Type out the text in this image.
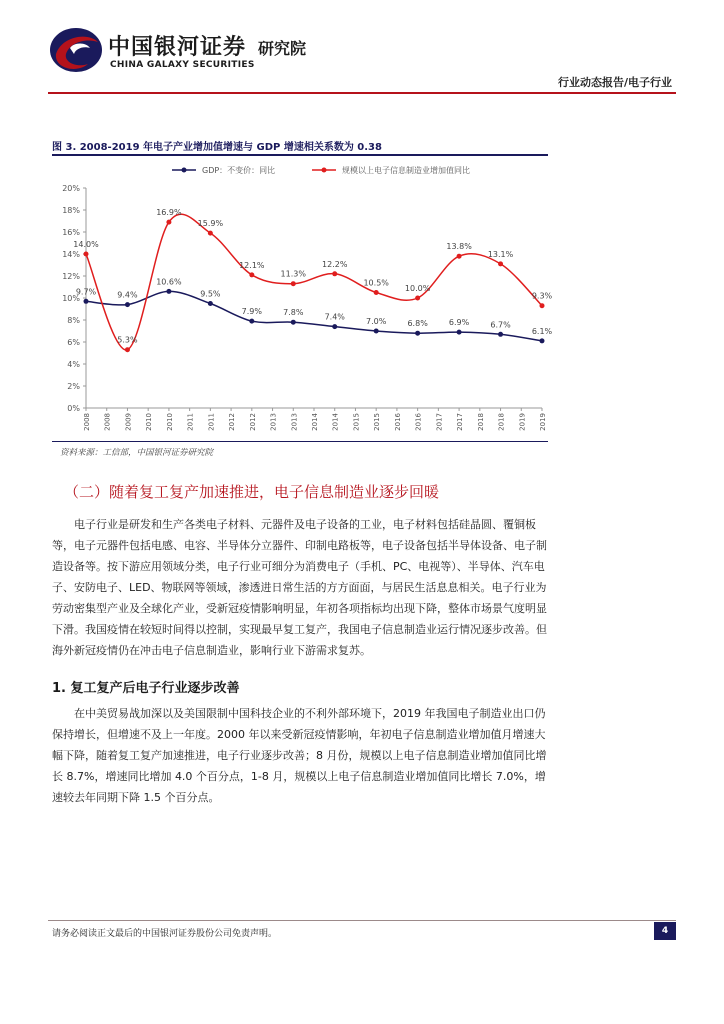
中国银河证券 研究院
CHINA GALAXY SECURITIES
行业动态报告/电子行业
图 3. 2008-2019 年电子产业增加值增速与 GDP 增速相关系数为 0.38
0%
2%
4%
6%
8%
10%
12%
14%
16%
18%
20%
2008 2008 2009 2010 2010 2011 2011 2012 2012 2013 2013 2014 2014 2015 2015 2016 2016 2017 2017 2018 2018 2019 2019
GDP：不变价：同比	规模以上电子信息制造业增加值同比
9.7%	9.4%
10.6%
9.5%
7.9%	7.8%	7.4%	7.0%	6.8%	6.9%	6.7%
6.1%
14.0%
5.3%
16.9%
15.9%
12.1%
11.3%
12.2%
10.5%
10.0%
13.8%
13.1%
9.3%
资料来源：工信部，中国银河证券研究院
（二）随着复工复产加速推进，电子信息制造业逐步回暖

电子行业是研发和生产各类电子材料、元器件及电子设备的工业，电子材料包括硅晶圆、覆铜板等，电子元器件包括电感、电容、半导体分立器件、印制电路板等，电子设备包括半导体设备、电子制造设备等。按下游应用领域分类，电子行业可细分为消费电子（手机、PC、电视等）、半导体、汽车电子、安防电子、LED、物联网等领域，渗透进日常生活的方方面面，与居民生活息息相关。电子行业为劳动密集型产业及全球化产业，受新冠疫情影响明显，年初各项指标均出现下降，整体市场景气度明显下滑。我国疫情在较短时间得以控制，实现最早复工复产，我国电子信息制造业运行情况逐步改善。但海外新冠疫情仍在冲击电子信息制造业，影响行业下游需求复苏。

1. 复工复产后电子行业逐步改善

在中美贸易战加深以及美国限制中国科技企业的不利外部环境下，2019 年我国电子制造业出口仍保持增长，但增速不及上一年度。2000 年以来受新冠疫情影响，年初电子信息制造业增加值月增速大幅下降，随着复工复产加速推进，电子行业逐步改善；8 月份，规模以上电子信息制造业增加值同比增长 8.7%，增速同比增加 4.0 个百分点，1-8 月，规模以上电子信息制造业增加值同比增长 7.0%，增速较去年同期下降 1.5 个百分点。

请务必阅读正文最后的中国银河证券股份公司免责声明。	4
